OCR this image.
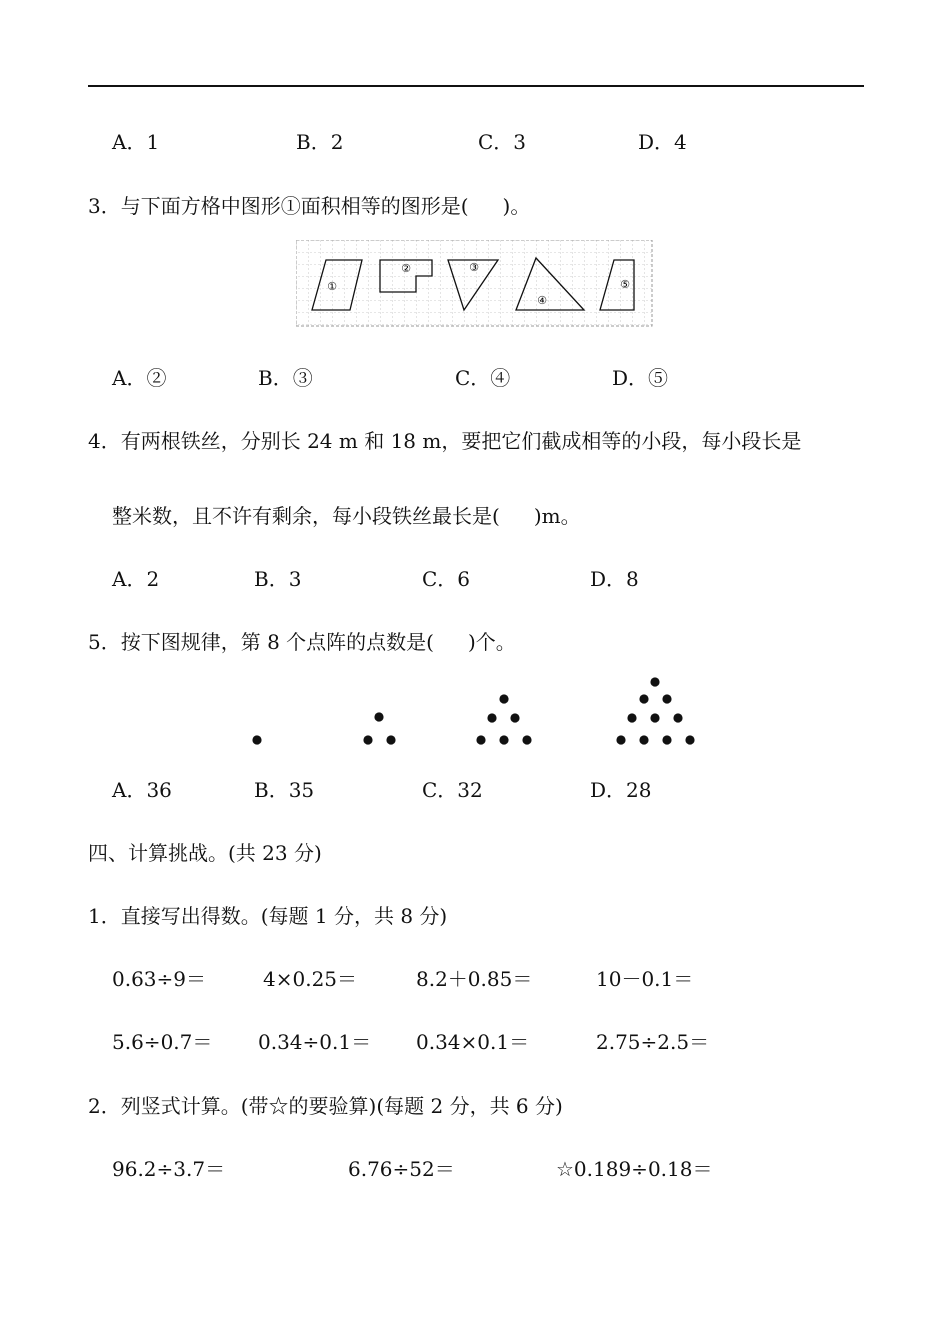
A．1	B．2	C．3	D．4
3．与下面方格中图形①面积相等的图形是( )。
①
②	③
④
⑤
A．②	B．③	C．④	D．⑤
4．有两根铁丝，分别长 24 m 和 18 m，要把它们截成相等的小段，每小段长是
整米数，且不许有剩余，每小段铁丝最长是( )m。
A．2	B．3	C．6	D．8
5．按下图规律，第 8 个点阵的点数是( )个。
A．36	B．35	C．32	D．28
四、计算挑战。(共 23 分)
1．直接写出得数。(每题 1 分，共 8 分)
0.63÷9＝	4×0.25＝	8.2＋0.85＝	10－0.1＝
5.6÷0.7＝ 0.34÷0.1＝ 0.34×0.1＝	2.75÷2.5＝
2．列竖式计算。(带☆的要验算)(每题 2 分，共 6 分)
96.2÷3.7＝	6.76÷52＝	☆0.189÷0.18＝
